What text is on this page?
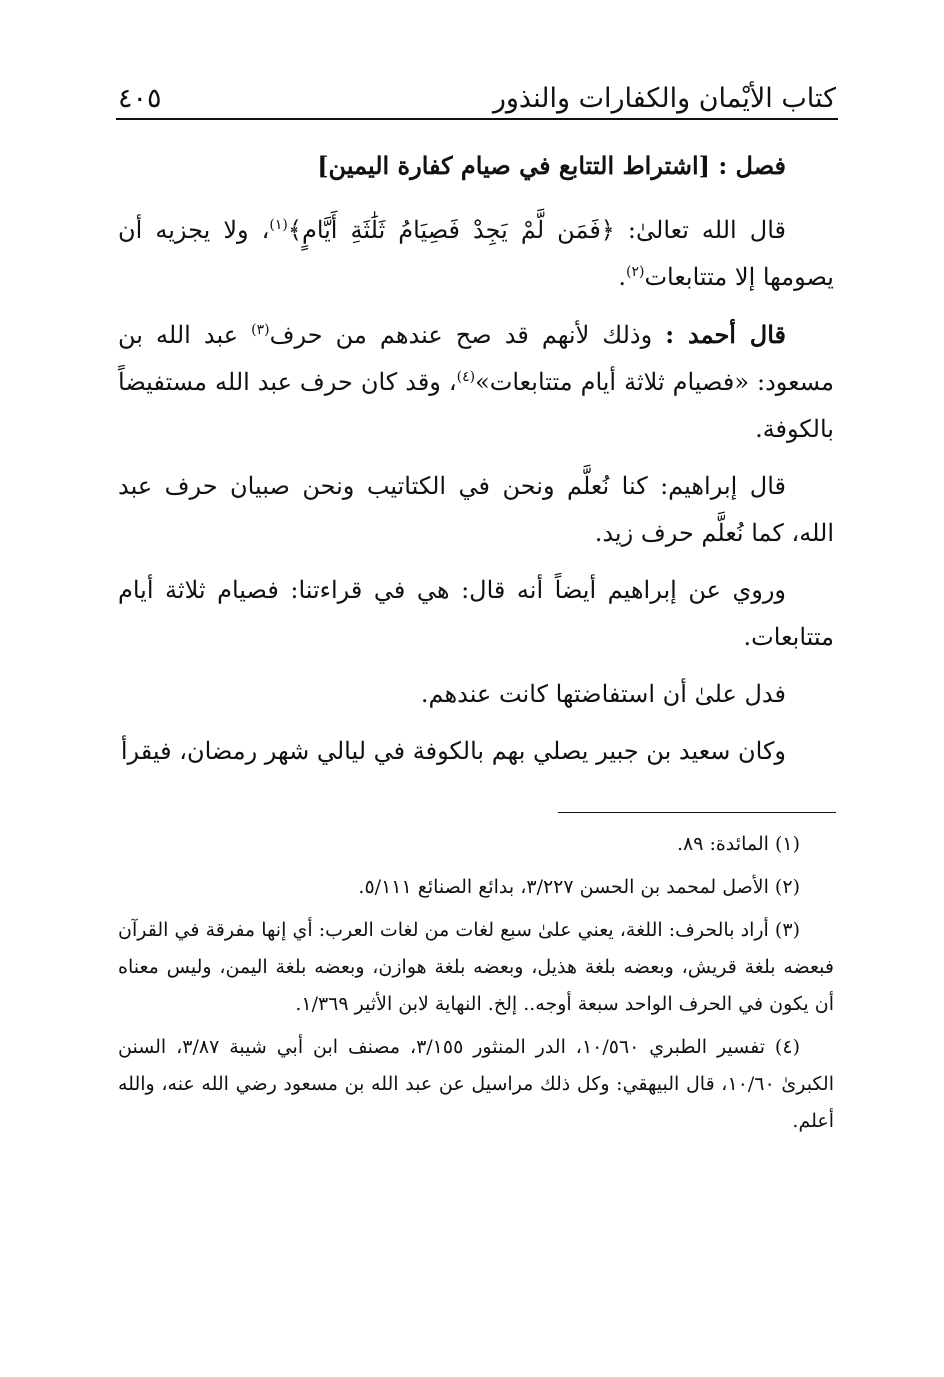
كتاب الأيْمان والكفارات والنذور
٤٠٥

فصل : [اشتراط التتابع في صيام كفارة اليمين]

قال الله تعالىٰ: ﴿فَمَن لَّمْ يَجِدْ فَصِيَامُ ثَلَٰثَةِ أَيَّامٍ﴾$^{(١)}$، ولا يجزيه أن يصومها إلا متتابعات$^{(٢)}$.

قال أحمد : وذلك لأنهم قد صح عندهم من حرف$^{(٣)}$ عبد الله بن مسعود: «فصيام ثلاثة أيام متتابعات»$^{(٤)}$، وقد كان حرف عبد الله مستفيضاً بالكوفة.

قال إبراهيم: كنا نُعلَّم ونحن في الكتاتيب ونحن صبيان حرف عبد الله، كما نُعلَّم حرف زيد.

وروي عن إبراهيم أيضاً أنه قال: هي في قراءتنا: فصيام ثلاثة أيام متتابعات.

فدل علىٰ أن استفاضتها كانت عندهم.

وكان سعيد بن جبير يصلي بهم بالكوفة في ليالي شهر رمضان، فيقرأ

(١) المائدة: ٨٩.

(٢) الأصل لمحمد بن الحسن ٣/٢٢٧، بدائع الصنائع ٥/١١١.

(٣) أراد بالحرف: اللغة، يعني علىٰ سبع لغات من لغات العرب: أي إنها مفرقة في القرآن فبعضه بلغة قريش، وبعضه بلغة هذيل، وبعضه بلغة هوازن، وبعضه بلغة اليمن، وليس معناه أن يكون في الحرف الواحد سبعة أوجه.. إلخ. النهاية لابن الأثير ١/٣٦٩.

(٤) تفسير الطبري ١٠/٥٦٠، الدر المنثور ٣/١٥٥، مصنف ابن أبي شيبة ٣/٨٧، السنن الكبرىٰ ١٠/٦٠، قال البيهقي: وكل ذلك مراسيل عن عبد الله بن مسعود رضي الله عنه، والله أعلم.
